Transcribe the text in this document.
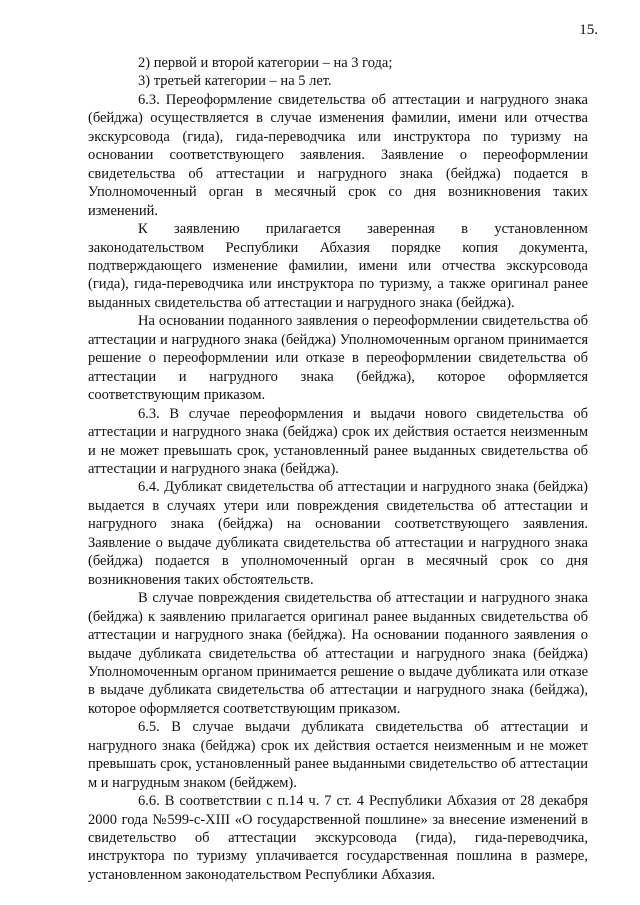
15.

2) первой и второй категории – на 3 года;

3) третьей категории – на 5 лет.

6.3. Переоформление свидетельства об аттестации и нагрудного знака (бейджа) осуществляется в случае изменения фамилии, имени или отчества экскурсовода (гида), гида-переводчика или инструктора по туризму на основании соответствующего заявления. Заявление о переоформлении свидетельства об аттестации и нагрудного знака (бейджа) подается в Уполномоченный орган в месячный срок со дня возникновения таких изменений.

К заявлению прилагается заверенная в установленном законодательством Республики Абхазия порядке копия документа, подтверждающего изменение фамилии, имени или отчества экскурсовода (гида), гида-переводчика или инструктора по туризму, а также оригинал ранее выданных свидетельства об аттестации и нагрудного знака (бейджа).

На основании поданного заявления о переоформлении свидетельства об аттестации и нагрудного знака (бейджа) Уполномоченным органом принимается решение о переоформлении или отказе в переоформлении свидетельства об аттестации и нагрудного знака (бейджа), которое оформляется соответствующим приказом.

6.3. В случае переоформления и выдачи нового свидетельства об аттестации и нагрудного знака (бейджа) срок их действия остается неизменным и не может превышать срок, установленный ранее выданных свидетельства об аттестации и нагрудного знака (бейджа).

6.4. Дубликат свидетельства об аттестации и нагрудного знака (бейджа) выдается в случаях утери или повреждения свидетельства об аттестации и нагрудного знака (бейджа) на основании соответствующего заявления. Заявление о выдаче дубликата свидетельства об аттестации и нагрудного знака (бейджа) подается в уполномоченный орган в месячный срок со дня возникновения таких обстоятельств.

В случае повреждения свидетельства об аттестации и нагрудного знака (бейджа) к заявлению прилагается оригинал ранее выданных свидетельства об аттестации и нагрудного знака (бейджа). На основании поданного заявления о выдаче дубликата свидетельства об аттестации и нагрудного знака (бейджа) Уполномоченным органом принимается решение о выдаче дубликата или отказе в выдаче дубликата свидетельства об аттестации и нагрудного знака (бейджа), которое оформляется соответствующим приказом.

6.5. В случае выдачи дубликата свидетельства об аттестации и нагрудного знака (бейджа) срок их действия остается неизменным и не может превышать срок, установленный ранее выданными свидетельство об аттестации м и нагрудным знаком (бейджем).

6.6. В соответствии с п.14 ч. 7 ст. 4 Республики Абхазия от 28 декабря 2000 года №599-с-XIII «О государственной пошлине» за внесение изменений в свидетельство об аттестации экскурсовода (гида), гида-переводчика, инструктора по туризму уплачивается государственная пошлина в размере, установленном законодательством Республики Абхазия.
